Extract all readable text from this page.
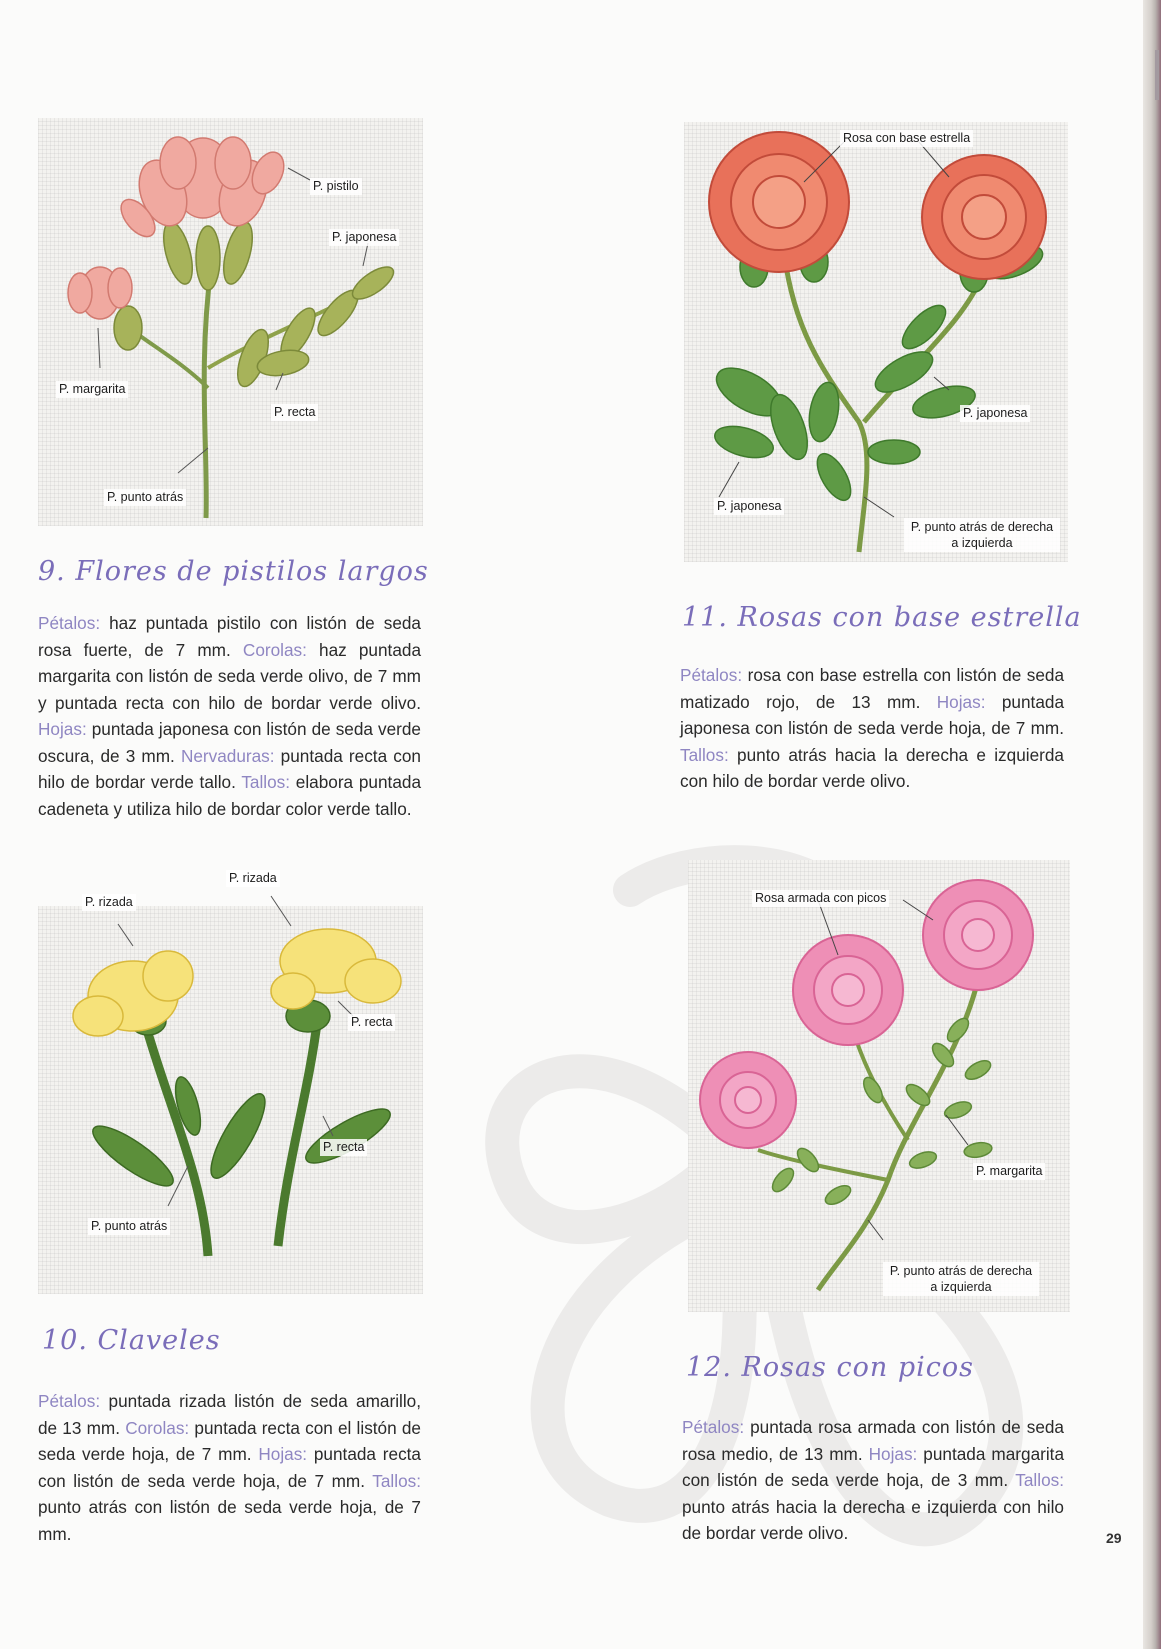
P. pistilo
P. japonesa
P. margarita
P. recta
P. punto atrás
9. Flores de pistilos largos
Pétalos: haz puntada pistilo con listón de seda rosa fuerte, de 7 mm. Corolas: haz puntada margarita con listón de seda verde olivo, de 7 mm y puntada recta con hilo de bordar verde olivo. Hojas: puntada japonesa con listón de seda verde oscura, de 3 mm. Nervaduras: puntada recta con hilo de bordar verde tallo. Tallos: elabora puntada cadeneta y utiliza hilo de bordar color verde tallo.
P. rizada
P. rizada
P. recta
P. recta
P. punto atrás
10. Claveles
Pétalos: puntada rizada listón de seda amarillo, de 13 mm. Corolas: puntada recta con el listón de seda verde hoja, de 7 mm. Hojas: puntada recta con listón de seda verde hoja, de 7 mm. Tallos: punto atrás con listón de seda verde hoja, de 7 mm.
Rosa con base estrella
P. japonesa
P. japonesa
P. punto atrás de derecha a izquierda
11. Rosas con base estrella
Pétalos: rosa con base estrella con listón de seda matizado rojo, de 13 mm. Hojas: puntada japonesa con listón de seda verde hoja, de 7 mm. Tallos: punto atrás hacia la derecha e izquierda con hilo de bordar verde olivo.
Rosa armada con picos
P. margarita
P. punto atrás de derecha a izquierda
12. Rosas con picos
Pétalos: puntada rosa armada con listón de seda rosa medio, de 13 mm. Hojas: puntada margarita con listón de seda verde hoja, de 3 mm. Tallos: punto atrás hacia la derecha e izquierda con hilo de bordar verde olivo.	29
